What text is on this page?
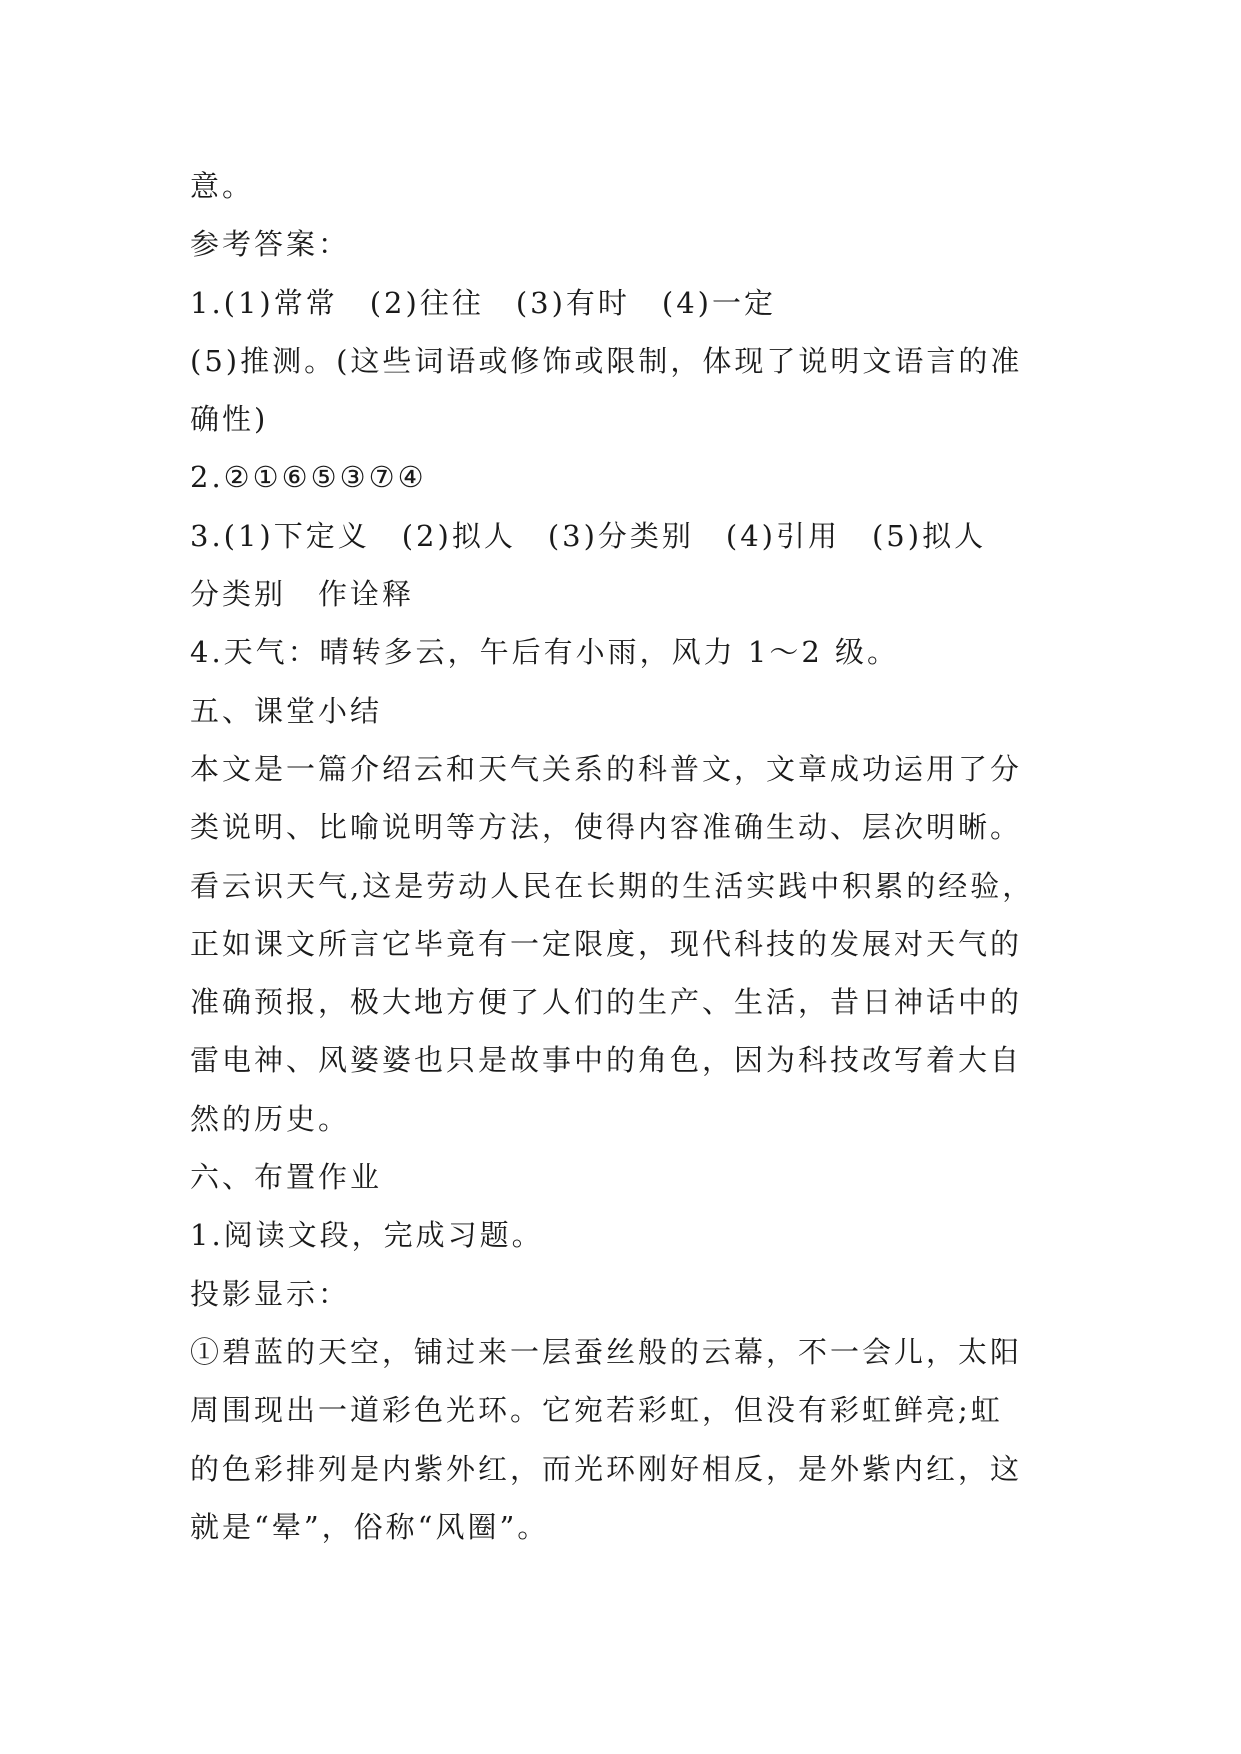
意。
参考答案：
1.(1)常常　(2)往往　(3)有时　(4)一定
(5)推测。(这些词语或修饰或限制，体现了说明文语言的准
确性)
2.②①⑥⑤③⑦④
3.(1)下定义　(2)拟人　(3)分类别　(4)引用　(5)拟人
分类别　作诠释
4.天气：晴转多云，午后有小雨，风力 1～2 级。
五、课堂小结
本文是一篇介绍云和天气关系的科普文，文章成功运用了分
类说明、比喻说明等方法，使得内容准确生动、层次明晰。
看云识天气,这是劳动人民在长期的生活实践中积累的经验，
正如课文所言它毕竟有一定限度，现代科技的发展对天气的
准确预报，极大地方便了人们的生产、生活，昔日神话中的
雷电神、风婆婆也只是故事中的角色，因为科技改写着大自
然的历史。
六、布置作业
1.阅读文段，完成习题。
投影显示：
①碧蓝的天空，铺过来一层蚕丝般的云幕，不一会儿，太阳
周围现出一道彩色光环。它宛若彩虹，但没有彩虹鲜亮;虹
的色彩排列是内紫外红，而光环刚好相反，是外紫内红，这
就是“晕”，俗称“风圈”。
